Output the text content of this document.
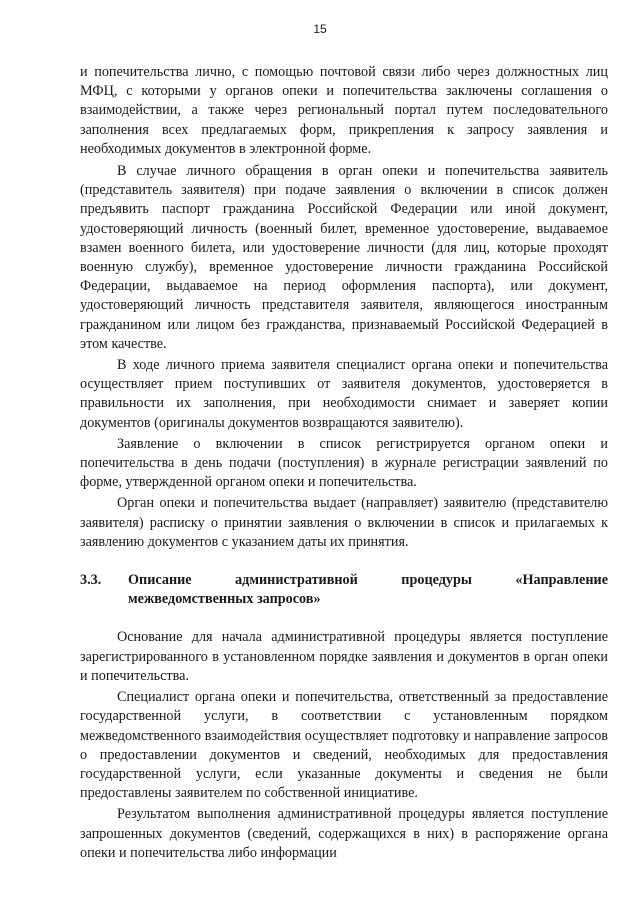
15

и попечительства лично, с помощью почтовой связи либо через должностных лиц МФЦ, с которыми у органов опеки и попечительства заключены соглашения о взаимодействии, а также через региональный портал путем последовательного заполнения всех предлагаемых форм, прикрепления к запросу заявления и необходимых документов в электронной форме.

В случае личного обращения в орган опеки и попечительства заявитель (представитель заявителя) при подаче заявления о включении в список должен предъявить паспорт гражданина Российской Федерации или иной документ, удостоверяющий личность (военный билет, временное удостоверение, выдаваемое взамен военного билета, или удостоверение личности (для лиц, которые проходят военную службу), временное удостоверение личности гражданина Российской Федерации, выдаваемое на период оформления паспорта), или документ, удостоверяющий личность представителя заявителя, являющегося иностранным гражданином или лицом без гражданства, признаваемый Российской Федерацией в этом качестве.

В ходе личного приема заявителя специалист органа опеки и попечительства осуществляет прием поступивших от заявителя документов, удостоверяется в правильности их заполнения, при необходимости снимает и заверяет копии документов (оригиналы документов возвращаются заявителю).

Заявление о включении в список регистрируется органом опеки и попечительства в день подачи (поступления) в журнале регистрации заявлений по форме, утвержденной органом опеки и попечительства.

Орган опеки и попечительства выдает (направляет) заявителю (представителю заявителя) расписку о принятии заявления о включении в список и прилагаемых к заявлению документов с указанием даты их принятия.

3.3.	Описание административной процедуры «Направление межведомственных запросов»

Основание для начала административной процедуры является поступление зарегистрированного в установленном порядке заявления и документов в орган опеки и попечительства.

Специалист органа опеки и попечительства, ответственный за предоставление государственной услуги, в соответствии с установленным порядком межведомственного взаимодействия осуществляет подготовку и направление запросов о предоставлении документов и сведений, необходимых для предоставления государственной услуги, если указанные документы и сведения не были предоставлены заявителем по собственной инициативе.

Результатом выполнения административной процедуры является поступление запрошенных документов (сведений, содержащихся в них) в распоряжение органа опеки и попечительства либо информации
